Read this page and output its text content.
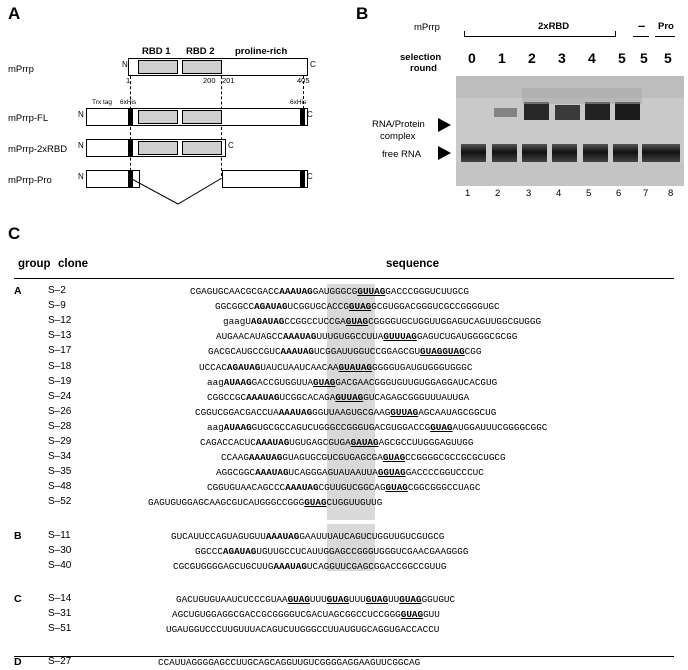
A
RBD 1 RBD 2 proline-rich
mPrrp	N	C
1	200 201	405
mPrrp-FL
Trx tag 6xHis	6xHis
N	C
mPrrp-2xRBD N	C
mPrrp-Pro	N	C
B
mPrrp
selection
round
2xRBD	– Pro
0 1 2 3 4 5 5 5
RNA/Protein
complex
free RNA
1	2	3	4	5	6 7 8
C
group clone	sequence
A	S–2	CGAGUGCAACGCGACCAAAUAGGAUGGGCGGUUAGGACCCGGGUCUUGCG
S–9	GGCGGCCAGAUAGUCGGUGCACCGGUAGGCGUGGACGGGUCGCCGGGGUGC
S–12	gaagUAGAUAGCCGGCCUCCGAGUAGCGGGGUGCUGGUUGGAGUCAGUUGGCGUGGG
S–13	AUGAACAUAGCCAAAUAGUUUGUGGCCUUAGUUUAGGAGUCUGAUGGGGCGCGG
S–17	GACGCAUGCCGUCAAAUAGUCGGAUUGGUCCGGAGCGUGUAGGUAGCGG
S–18	UCCACAGAUAGUAUCUAAUCAACAAGUAUAGGGGGUGAUGUGGGUGGGC
S–19	aagAUAAGGACCGUGGUUAGUAGGACGAACGGGUGUUGUGGAGGAUCACGUG
S–24	CGGCCGCAAAUAGUCGGCACAGAGUUAGGUCAGAGCGGGUUUAUUGA
S–26	CGGUCGGACGACCUAAAAUAGGGUUAAGUGCGAAGGUUAGAGCAAUAGCGGCUG
S–28	aagAUAAGGUGCGCCAGUCUGGGCCGGGUGACGUGGACCGGUAGAUGGAUUUCGGGGCGGC
S–29	CAGACCACUCAAAUAGUGUGAGCGUGAGAUAGAGCGCCUUGGGAGUUGG
S–34	CCAAGAAAUAGGUAGUGCGUCGUGAGCGAGUAGCCGGGGCGCCGCGCUGCG
S–35	AGGCGGCAAAUAGUCAGGGAGUAUAAUUAGGUAGGACCCCGGUCCCUC
S–48	CGGUGUAACAGCCCAAAUAGCGUUGUCGGCAGGUAGCGGCGGGCCUAGC
S–52	GAGUGUGGAGCAAGCGUCAUGGGCCGGGGUAGCUGGUUGUUG
B	S–11	GUCAUUCCAGUAGUGUUAAAUAGGAAUUUAUCAGUCUGGUUGUCGUGCG
S–30	GGCCCAGAUAGUGUUGCCUCAUUGGAGCCGGGUGGGUCGAACGAAGGGG
S–40	CGCGUGGGGAGCUGCUUGAAAUAGUCAGGUUCGAGCGGACCGGCCGUUG
C	S–14	GACUGUGUAAUCUCCCGUAAGUAGUUUGUAGUUUGUAGUUGUAGGGUGUC
S–31	AGCUGUGGAGGCGACCGCGGGGUCGACUAGCGGCCUCCGGGGUAGGUU
S–51	UGAUGGUCCCUUGUUUACAGUCUUGGGCCUUAUGUGCAGGUGACCACCU
D	S–27	CCAUUAGGGGAGCCUUGCAGCAGGUUGUCGGGGAGGAAGUUCGGCAG
